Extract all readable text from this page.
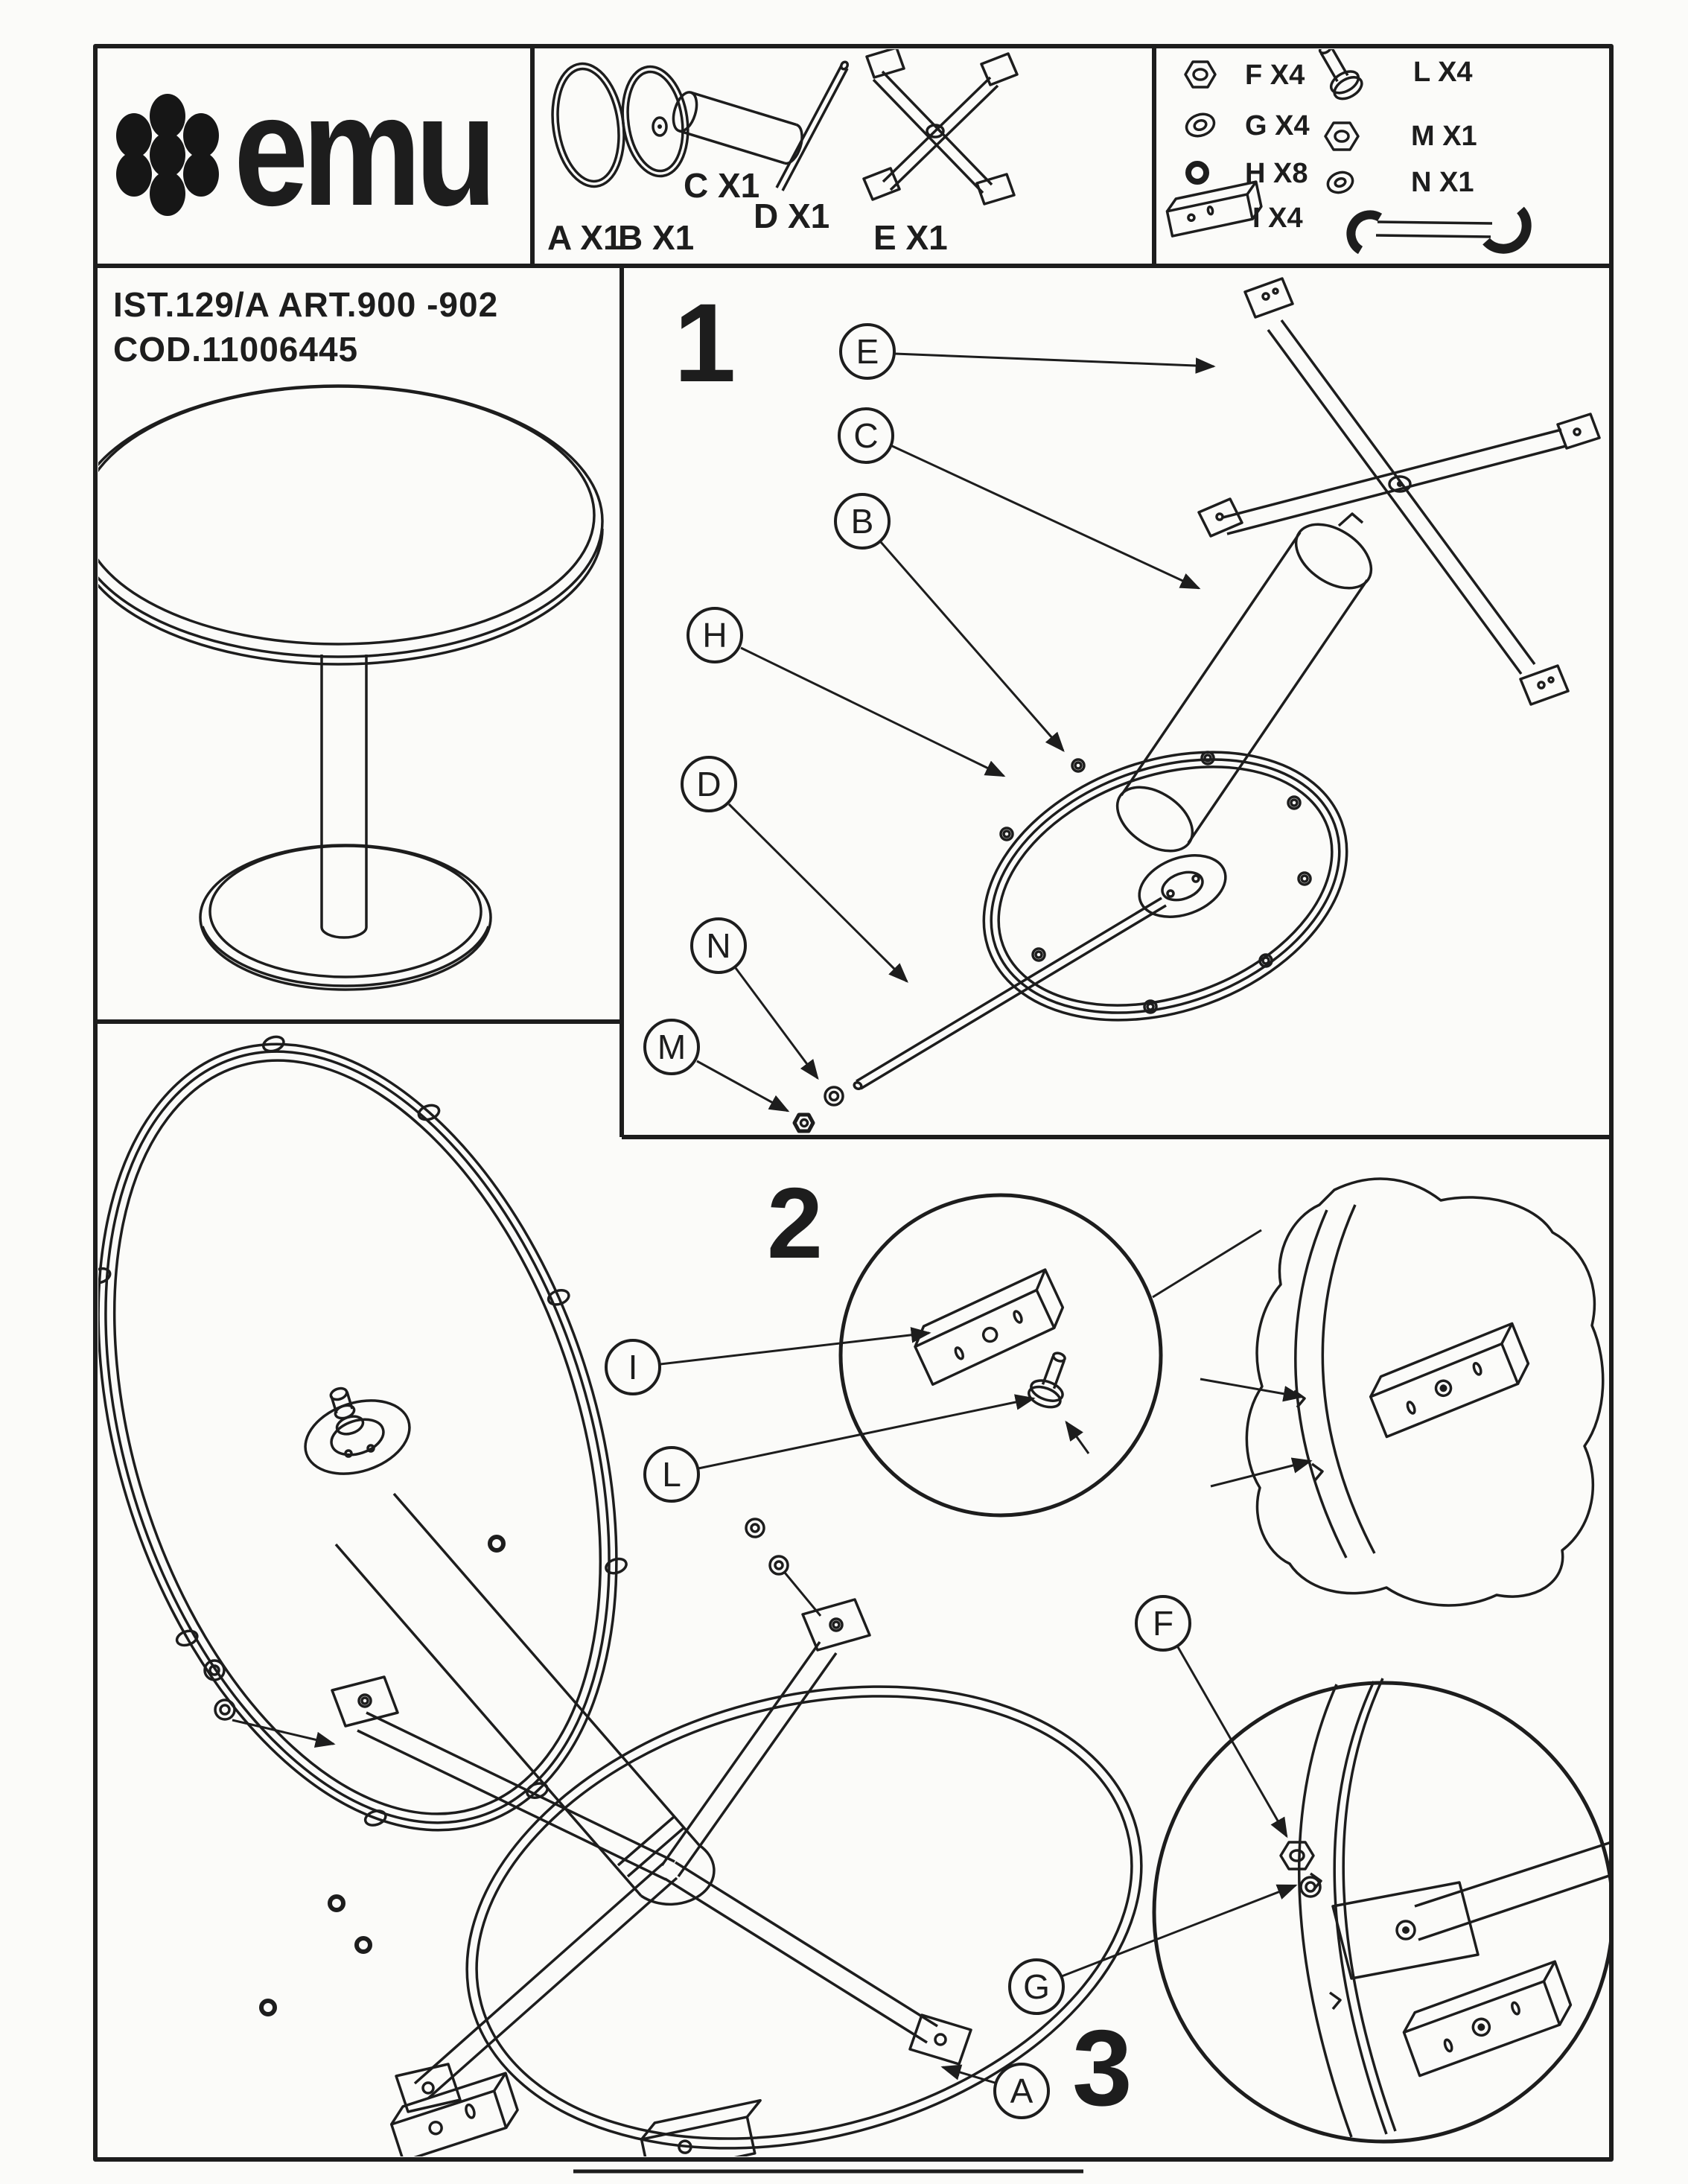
emu
IST.129/A ART.900 -902
COD.11006445
A X1
B X1
C X1
D X1
E X1
F X4
G X4
H X8
I X4
L X4
M X1
N X1
1
2
3
E
C
B
H
D
N
M
I
L
F
G
A
